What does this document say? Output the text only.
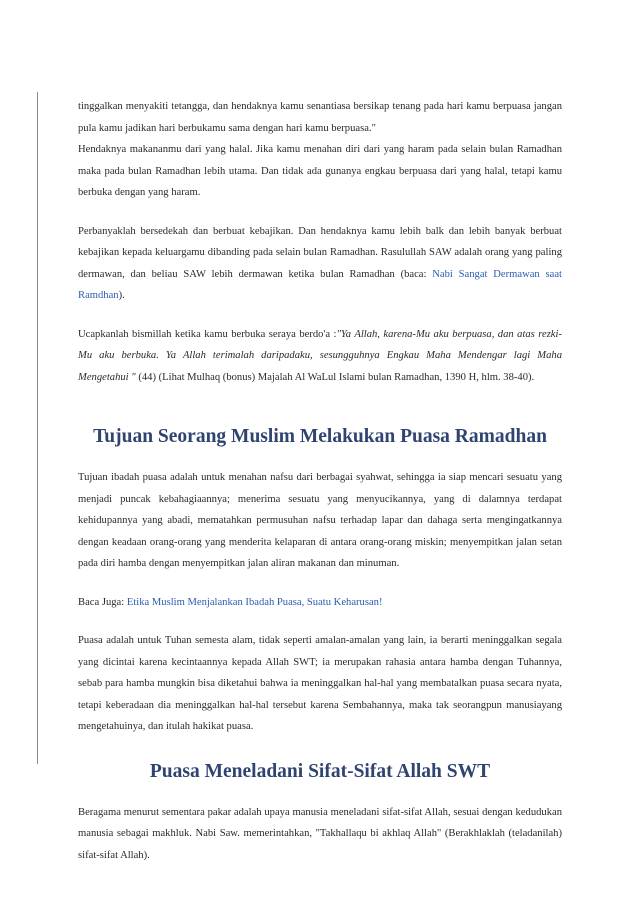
tinggalkan menyakiti tetangga, dan hendaknya kamu senantiasa bersikap tenang pada hari kamu berpuasa jangan pula kamu jadikan hari berbukamu sama dengan hari kamu berpuasa."

Hendaknya makananmu dari yang halal. Jika kamu menahan diri dari yang haram pada selain bulan Ramadhan maka pada bulan Ramadhan lebih utama. Dan tidak ada gunanya engkau berpuasa dari yang halal, tetapi kamu berbuka dengan yang haram.

Perbanyaklah bersedekah dan berbuat kebajikan. Dan hendaknya kamu lebih balk dan lebih banyak berbuat kebajikan kepada keluargamu dibanding pada selain bulan Ramadhan. Rasulullah SAW adalah orang yang paling dermawan, dan beliau SAW lebih dermawan ketika bulan Ramadhan (baca: Nabi Sangat Dermawan saat Ramdhan).

Ucapkanlah bismillah ketika kamu berbuka seraya berdo'a :"Ya Allah, karena-Mu aku berpuasa, dan atas rezki-Mu aku berbuka. Ya Allah terimalah daripadaku, sesungguhnya Engkau Maha Mendengar lagi Maha Mengetahui " (44) (Lihat Mulhaq (bonus) Majalah Al WaLul Islami bulan Ramadhan, 1390 H, hlm. 38-40).

Tujuan Seorang Muslim Melakukan Puasa Ramadhan

Tujuan ibadah puasa adalah untuk menahan nafsu dari berbagai syahwat, sehingga ia siap mencari sesuatu yang menjadi puncak kebahagiaannya; menerima sesuatu yang menyucikannya, yang di dalamnya terdapat kehidupannya yang abadi, mematahkan permusuhan nafsu terhadap lapar dan dahaga serta mengingatkannya dengan keadaan orang-orang yang menderita kelaparan di antara orang-orang miskin; menyempitkan jalan setan pada diri hamba dengan menyempitkan jalan aliran makanan dan minuman.

Baca Juga: Etika Muslim Menjalankan Ibadah Puasa, Suatu Keharusan!

Puasa adalah untuk Tuhan semesta alam, tidak seperti amalan-amalan yang lain, ia berarti meninggalkan segala yang dicintai karena kecintaannya kepada Allah SWT; ia merupakan rahasia antara hamba dengan Tuhannya, sebab para hamba mungkin bisa diketahui bahwa ia meninggalkan hal-hal yang membatalkan puasa secara nyata, tetapi keberadaan dia meninggalkan hal-hal tersebut karena Sembahannya, maka tak seorangpun manusiayang mengetahuinya, dan itulah hakikat puasa.

Puasa Meneladani Sifat-Sifat Allah SWT

Beragama menurut sementara pakar adalah upaya manusia meneladani sifat-sifat Allah, sesuai dengan kedudukan manusia sebagai makhluk. Nabi Saw. memerintahkan, "Takhallaqu bi akhlaq Allah" (Berakhlaklah (teladanilah) sifat-sifat Allah).
